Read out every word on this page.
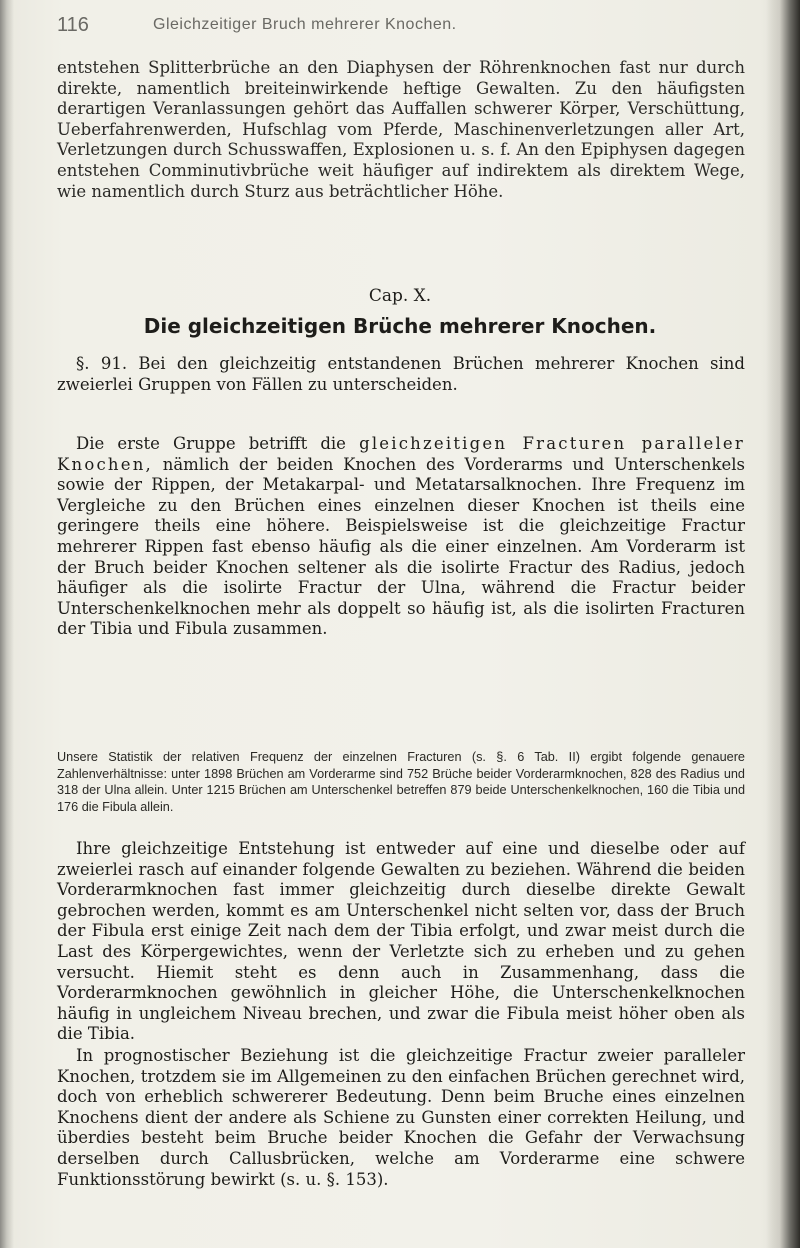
116	Gleichzeitiger Bruch mehrerer Knochen.

entstehen Splitterbrüche an den Diaphysen der Röhrenknochen fast nur durch direkte, namentlich breiteinwirkende heftige Gewalten. Zu den häufigsten derartigen Veranlassungen gehört das Auffallen schwerer Körper, Verschüttung, Ueberfahrenwerden, Hufschlag vom Pferde, Maschinenverletzungen aller Art, Verletzungen durch Schusswaffen, Explosionen u. s. f. An den Epiphysen dagegen entstehen Comminutivbrüche weit häufiger auf indirektem als direktem Wege, wie namentlich durch Sturz aus beträchtlicher Höhe.

Cap. X.
Die gleichzeitigen Brüche mehrerer Knochen.

§. 91. Bei den gleichzeitig entstandenen Brüchen mehrerer Knochen sind zweierlei Gruppen von Fällen zu unterscheiden.

Die erste Gruppe betrifft die gleichzeitigen Fracturen paralleler Knochen, nämlich der beiden Knochen des Vorderarms und Unterschenkels sowie der Rippen, der Metakarpal- und Metatarsalknochen. Ihre Frequenz im Vergleiche zu den Brüchen eines einzelnen dieser Knochen ist theils eine geringere theils eine höhere. Beispielsweise ist die gleichzeitige Fractur mehrerer Rippen fast ebenso häufig als die einer einzelnen. Am Vorderarm ist der Bruch beider Knochen seltener als die isolirte Fractur des Radius, jedoch häufiger als die isolirte Fractur der Ulna, während die Fractur beider Unterschenkelknochen mehr als doppelt so häufig ist, als die isolirten Fracturen der Tibia und Fibula zusammen.

Unsere Statistik der relativen Frequenz der einzelnen Fracturen (s. §. 6 Tab. II) ergibt folgende genauere Zahlenverhältnisse: unter 1898 Brüchen am Vorderarme sind 752 Brüche beider Vorderarmknochen, 828 des Radius und 318 der Ulna allein. Unter 1215 Brüchen am Unterschenkel betreffen 879 beide Unterschenkelknochen, 160 die Tibia und 176 die Fibula allein.

Ihre gleichzeitige Entstehung ist entweder auf eine und dieselbe oder auf zweierlei rasch auf einander folgende Gewalten zu beziehen. Während die beiden Vorderarmknochen fast immer gleichzeitig durch dieselbe direkte Gewalt gebrochen werden, kommt es am Unterschenkel nicht selten vor, dass der Bruch der Fibula erst einige Zeit nach dem der Tibia erfolgt, und zwar meist durch die Last des Körpergewichtes, wenn der Verletzte sich zu erheben und zu gehen versucht. Hiemit steht es denn auch in Zusammenhang, dass die Vorderarmknochen gewöhnlich in gleicher Höhe, die Unterschenkelknochen häufig in ungleichem Niveau brechen, und zwar die Fibula meist höher oben als die Tibia.

In prognostischer Beziehung ist die gleichzeitige Fractur zweier paralleler Knochen, trotzdem sie im Allgemeinen zu den einfachen Brüchen gerechnet wird, doch von erheblich schwererer Bedeutung. Denn beim Bruche eines einzelnen Knochens dient der andere als Schiene zu Gunsten einer correkten Heilung, und überdies besteht beim Bruche beider Knochen die Gefahr der Verwachsung derselben durch Callusbrücken, welche am Vorderarme eine schwere Funktionsstörung bewirkt (s. u. §. 153).
